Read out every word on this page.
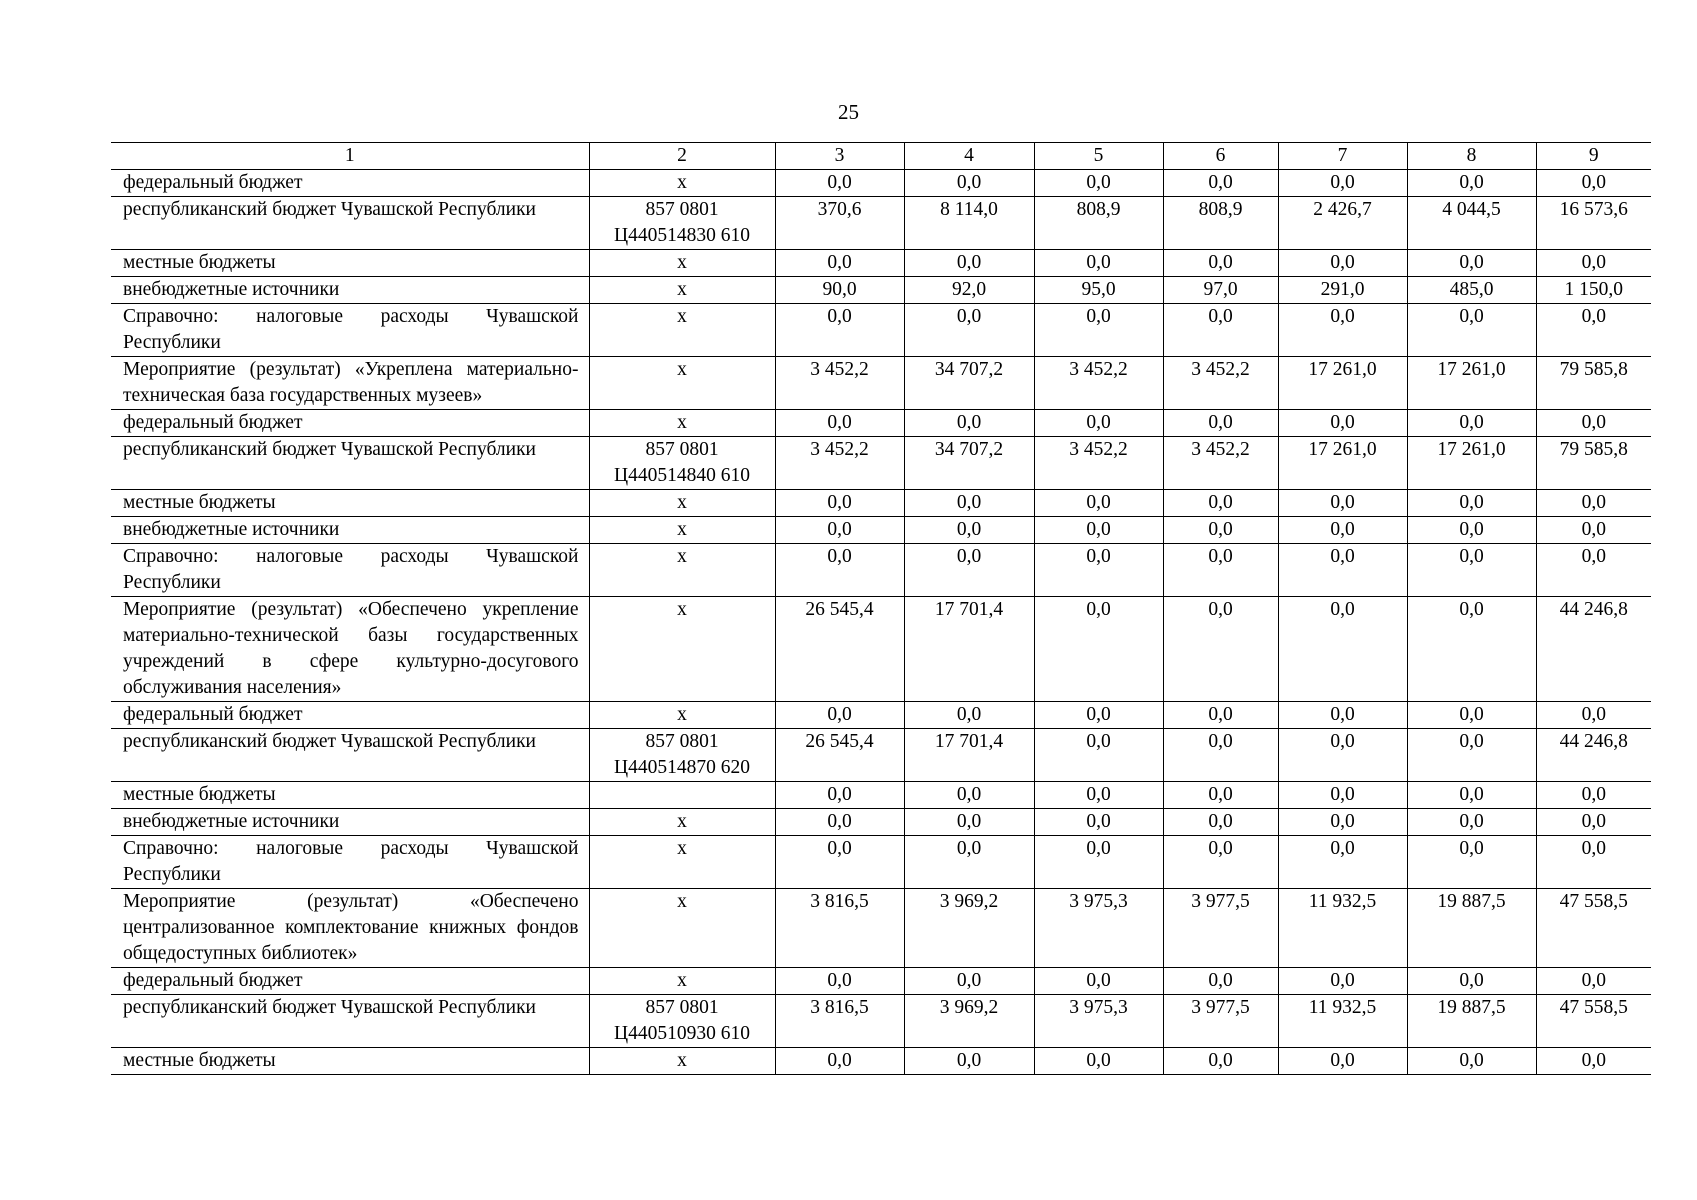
25
1	2	3	4	5	6	7	8	9
федеральный бюджет	х	0,0	0,0	0,0	0,0	0,0	0,0	0,0
республиканский бюджет Чувашской Республики	857 0801 Ц440514830 610	370,6	8 114,0	808,9	808,9	2 426,7	4 044,5	16 573,6
местные бюджеты	х	0,0	0,0	0,0	0,0	0,0	0,0	0,0
внебюджетные источники	х	90,0	92,0	95,0	97,0	291,0	485,0	1 150,0
Справочно: налоговые расходы Чувашской Республики	х	0,0	0,0	0,0	0,0	0,0	0,0	0,0
Мероприятие (результат) «Укреплена материально-техническая база государственных музеев»	х	3 452,2	34 707,2	3 452,2	3 452,2	17 261,0	17 261,0	79 585,8
федеральный бюджет	х	0,0	0,0	0,0	0,0	0,0	0,0	0,0
республиканский бюджет Чувашской Республики	857 0801 Ц440514840 610	3 452,2	34 707,2	3 452,2	3 452,2	17 261,0	17 261,0	79 585,8
местные бюджеты	х	0,0	0,0	0,0	0,0	0,0	0,0	0,0
внебюджетные источники	х	0,0	0,0	0,0	0,0	0,0	0,0	0,0
Справочно: налоговые расходы Чувашской Республики	х	0,0	0,0	0,0	0,0	0,0	0,0	0,0
Мероприятие (результат) «Обеспечено укрепление материально-технической базы государственных учреждений в сфере культурно-досугового обслуживания населения»	х	26 545,4	17 701,4	0,0	0,0	0,0	0,0	44 246,8
федеральный бюджет	х	0,0	0,0	0,0	0,0	0,0	0,0	0,0
республиканский бюджет Чувашской Республики	857 0801 Ц440514870 620	26 545,4	17 701,4	0,0	0,0	0,0	0,0	44 246,8
местные бюджеты		0,0	0,0	0,0	0,0	0,0	0,0	0,0
внебюджетные источники	х	0,0	0,0	0,0	0,0	0,0	0,0	0,0
Справочно: налоговые расходы Чувашской Республики	х	0,0	0,0	0,0	0,0	0,0	0,0	0,0
Мероприятие (результат) «Обеспечено централизованное комплектование книжных фондов общедоступных библиотек»	х	3 816,5	3 969,2	3 975,3	3 977,5	11 932,5	19 887,5	47 558,5
федеральный бюджет	х	0,0	0,0	0,0	0,0	0,0	0,0	0,0
республиканский бюджет Чувашской Республики	857 0801 Ц440510930 610	3 816,5	3 969,2	3 975,3	3 977,5	11 932,5	19 887,5	47 558,5
местные бюджеты	х	0,0	0,0	0,0	0,0	0,0	0,0	0,0
